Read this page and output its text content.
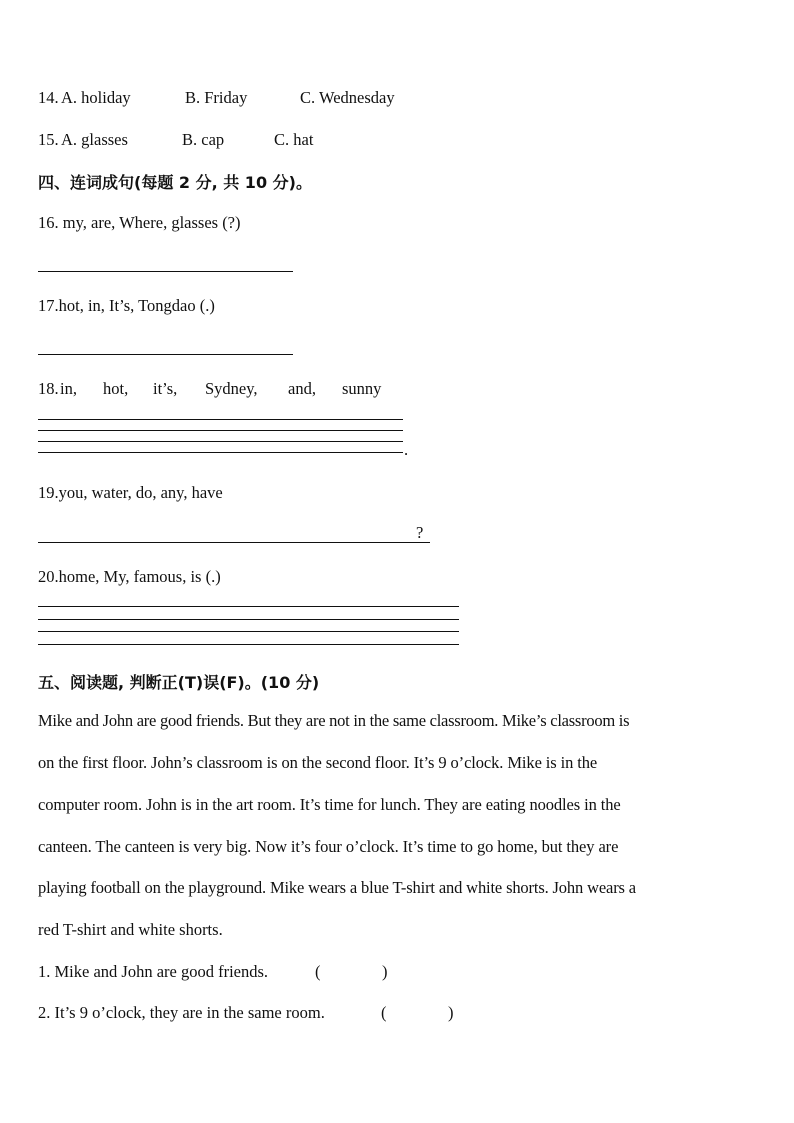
14. A. holiday	B. Friday	C. Wednesday
15. A. glasses	B. cap	C. hat
四、连词成句(每题 2 分, 共 10 分)。
16. my, are, Where, glasses (?)
17.hot, in, It’s, Tongdao (.)
18. in, hot, it’s, Sydney, and, sunny
.
19.you, water, do, any, have
?
20.home, My, famous, is (.)
五、阅读题, 判断正(T)误(F)。(10 分)
Mike and John are good friends. But they are not in the same classroom. Mike’s classroom is
on the first floor. John’s classroom is on the second floor. It’s 9 o’clock. Mike is in the
computer room. John is in the art room. It’s time for lunch. They are eating noodles in the
canteen. The canteen is very big. Now it’s four o’clock. It’s time to go home, but they are
playing football on the playground. Mike wears a blue T-shirt and white shorts. John wears a
red T-shirt and white shorts.
1. Mike and John are good friends.	(	)
2. It’s 9 o’clock, they are in the same room.	(	)
